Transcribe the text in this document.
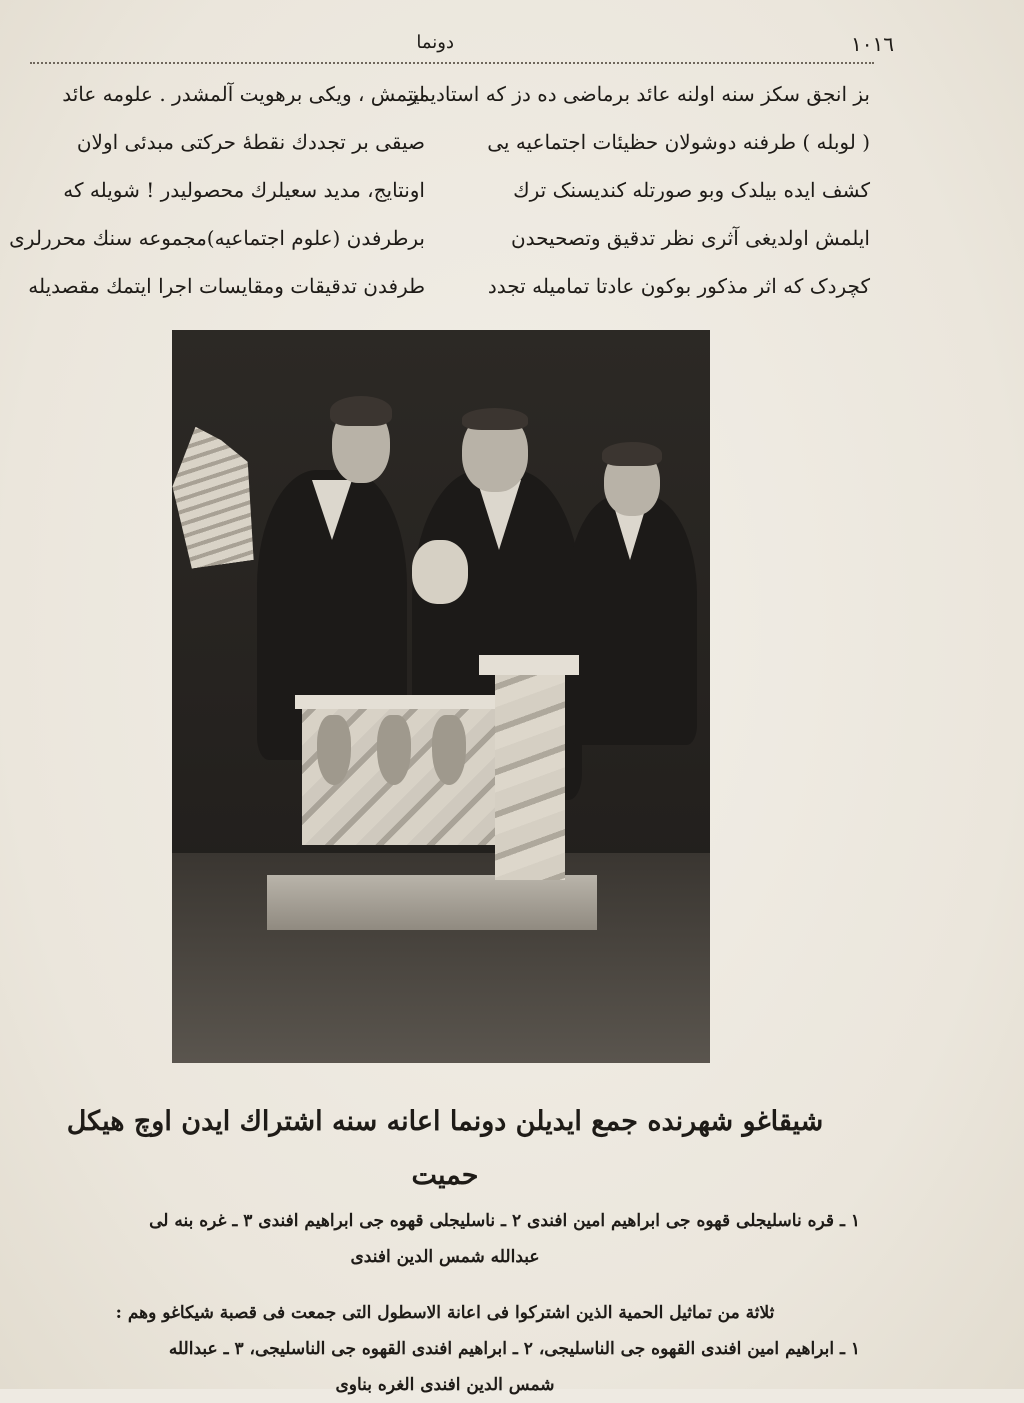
١٠١٦
دونما
بز انجق سکز سنه اولنه عائد برماضی ده دز که استادیمز
( لوبله ) طرفنه دوشولان حظیئات اجتماعیه یی
کشف ایده بیلدک وبو صورتله کندیسنک ترك
ایلمش اولدیغی آثری نظر تدقیق وتصحیحدن
کچردک که اثر مذکور بوکون عادتا تماميله تجدد
ایتمش ، ویکی برهویت آلمشدر . علومه عائد
صیقی بر تجددك نقطهٔ حرکتی مبدئی اولان
اونتایج، مدید سعیلرك محصولیدر ! شویله که
برطرفدن (علوم اجتماعیه)مجموعه سنك محررلری
طرفدن تدقیقات ومقایسات اجرا ایتمك مقصدیله
شیقاغو شهرنده جمع ایدیلن دونما اعانه سنه اشتراك ایدن اوچ هیکل حمیت
١ ـ قره ناسلیجلی قهوه جی ابراهیم امین افندی ٢ ـ ناسلیجلی قهوه جی ابراهیم افندی ٣ ـ غره بنه لی
عبدالله شمس الدین افندی
ثلاثة من تماثیل الحمیة الذین اشترکوا فی اعانة الاسطول التی جمعت فی قصبة شیکاغو وهم :
١ ـ ابراهیم امین افندی القهوه جی الناسلیجی، ٢ ـ ابراهیم افندی القهوه جی الناسلیجی، ٣ ـ عبدالله
شمس الدین افندی الغره بناوی
